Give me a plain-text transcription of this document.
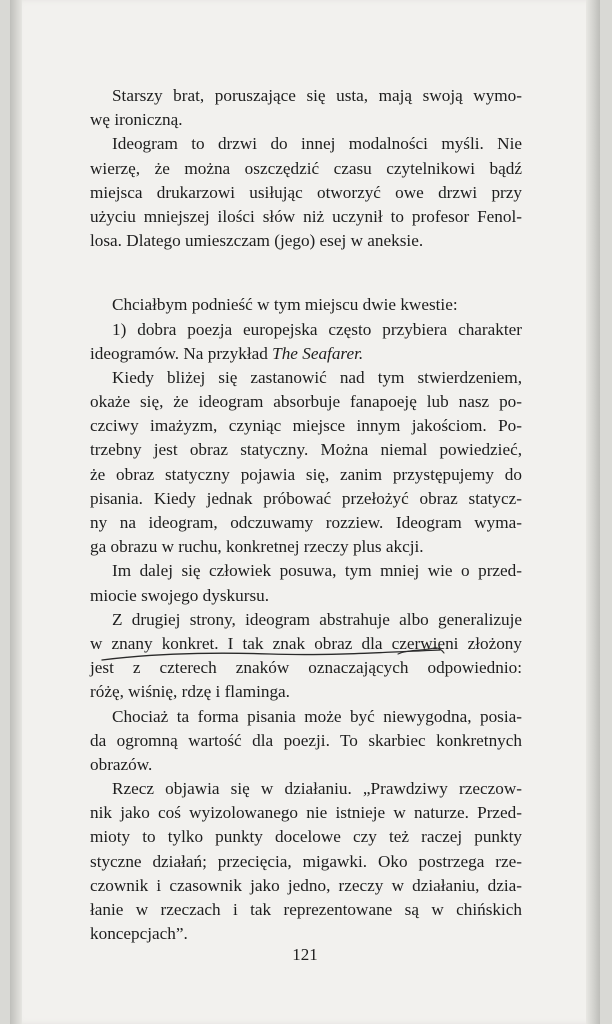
Starszy brat, poruszające się usta, mają swoją wymo-
wę ironiczną.
Ideogram to drzwi do innej modalności myśli. Nie
wierzę, że można oszczędzić czasu czytelnikowi bądź
miejsca drukarzowi usiłując otworzyć owe drzwi przy
użyciu mniejszej ilości słów niż uczynił to profesor Fenol-
losa. Dlatego umieszczam (jego) esej w aneksie.
Chciałbym podnieść w tym miejscu dwie kwestie:
1) dobra poezja europejska często przybiera charakter
ideogramów. Na przykład The Seafarer.
Kiedy bliżej się zastanowić nad tym stwierdzeniem,
okaże się, że ideogram absorbuje fanapoeję lub nasz po-
czciwy imażyzm, czyniąc miejsce innym jakościom. Po-
trzebny jest obraz statyczny. Można niemal powiedzieć,
że obraz statyczny pojawia się, zanim przystępujemy do
pisania. Kiedy jednak próbować przełożyć obraz statycz-
ny na ideogram, odczuwamy rozziew. Ideogram wyma-
ga obrazu w ruchu, konkretnej rzeczy plus akcji.
Im dalej się człowiek posuwa, tym mniej wie o przed-
miocie swojego dyskursu.
Z drugiej strony, ideogram abstrahuje albo generalizuje
w znany konkret. I tak znak obraz dla czerwieni złożony
jest z czterech znaków oznaczających odpowiednio:
różę, wiśnię, rdzę i flaminga.
Chociaż ta forma pisania może być niewygodna, posia-
da ogromną wartość dla poezji. To skarbiec konkretnych
obrazów.
Rzecz objawia się w działaniu. „Prawdziwy rzeczow-
nik jako coś wyizolowanego nie istnieje w naturze. Przed-
mioty to tylko punkty docelowe czy też raczej punkty
styczne działań; przecięcia, migawki. Oko postrzega rze-
czownik i czasownik jako jedno, rzeczy w działaniu, dzia-
łanie w rzeczach i tak reprezentowane są w chińskich
koncepcjach”.
121
